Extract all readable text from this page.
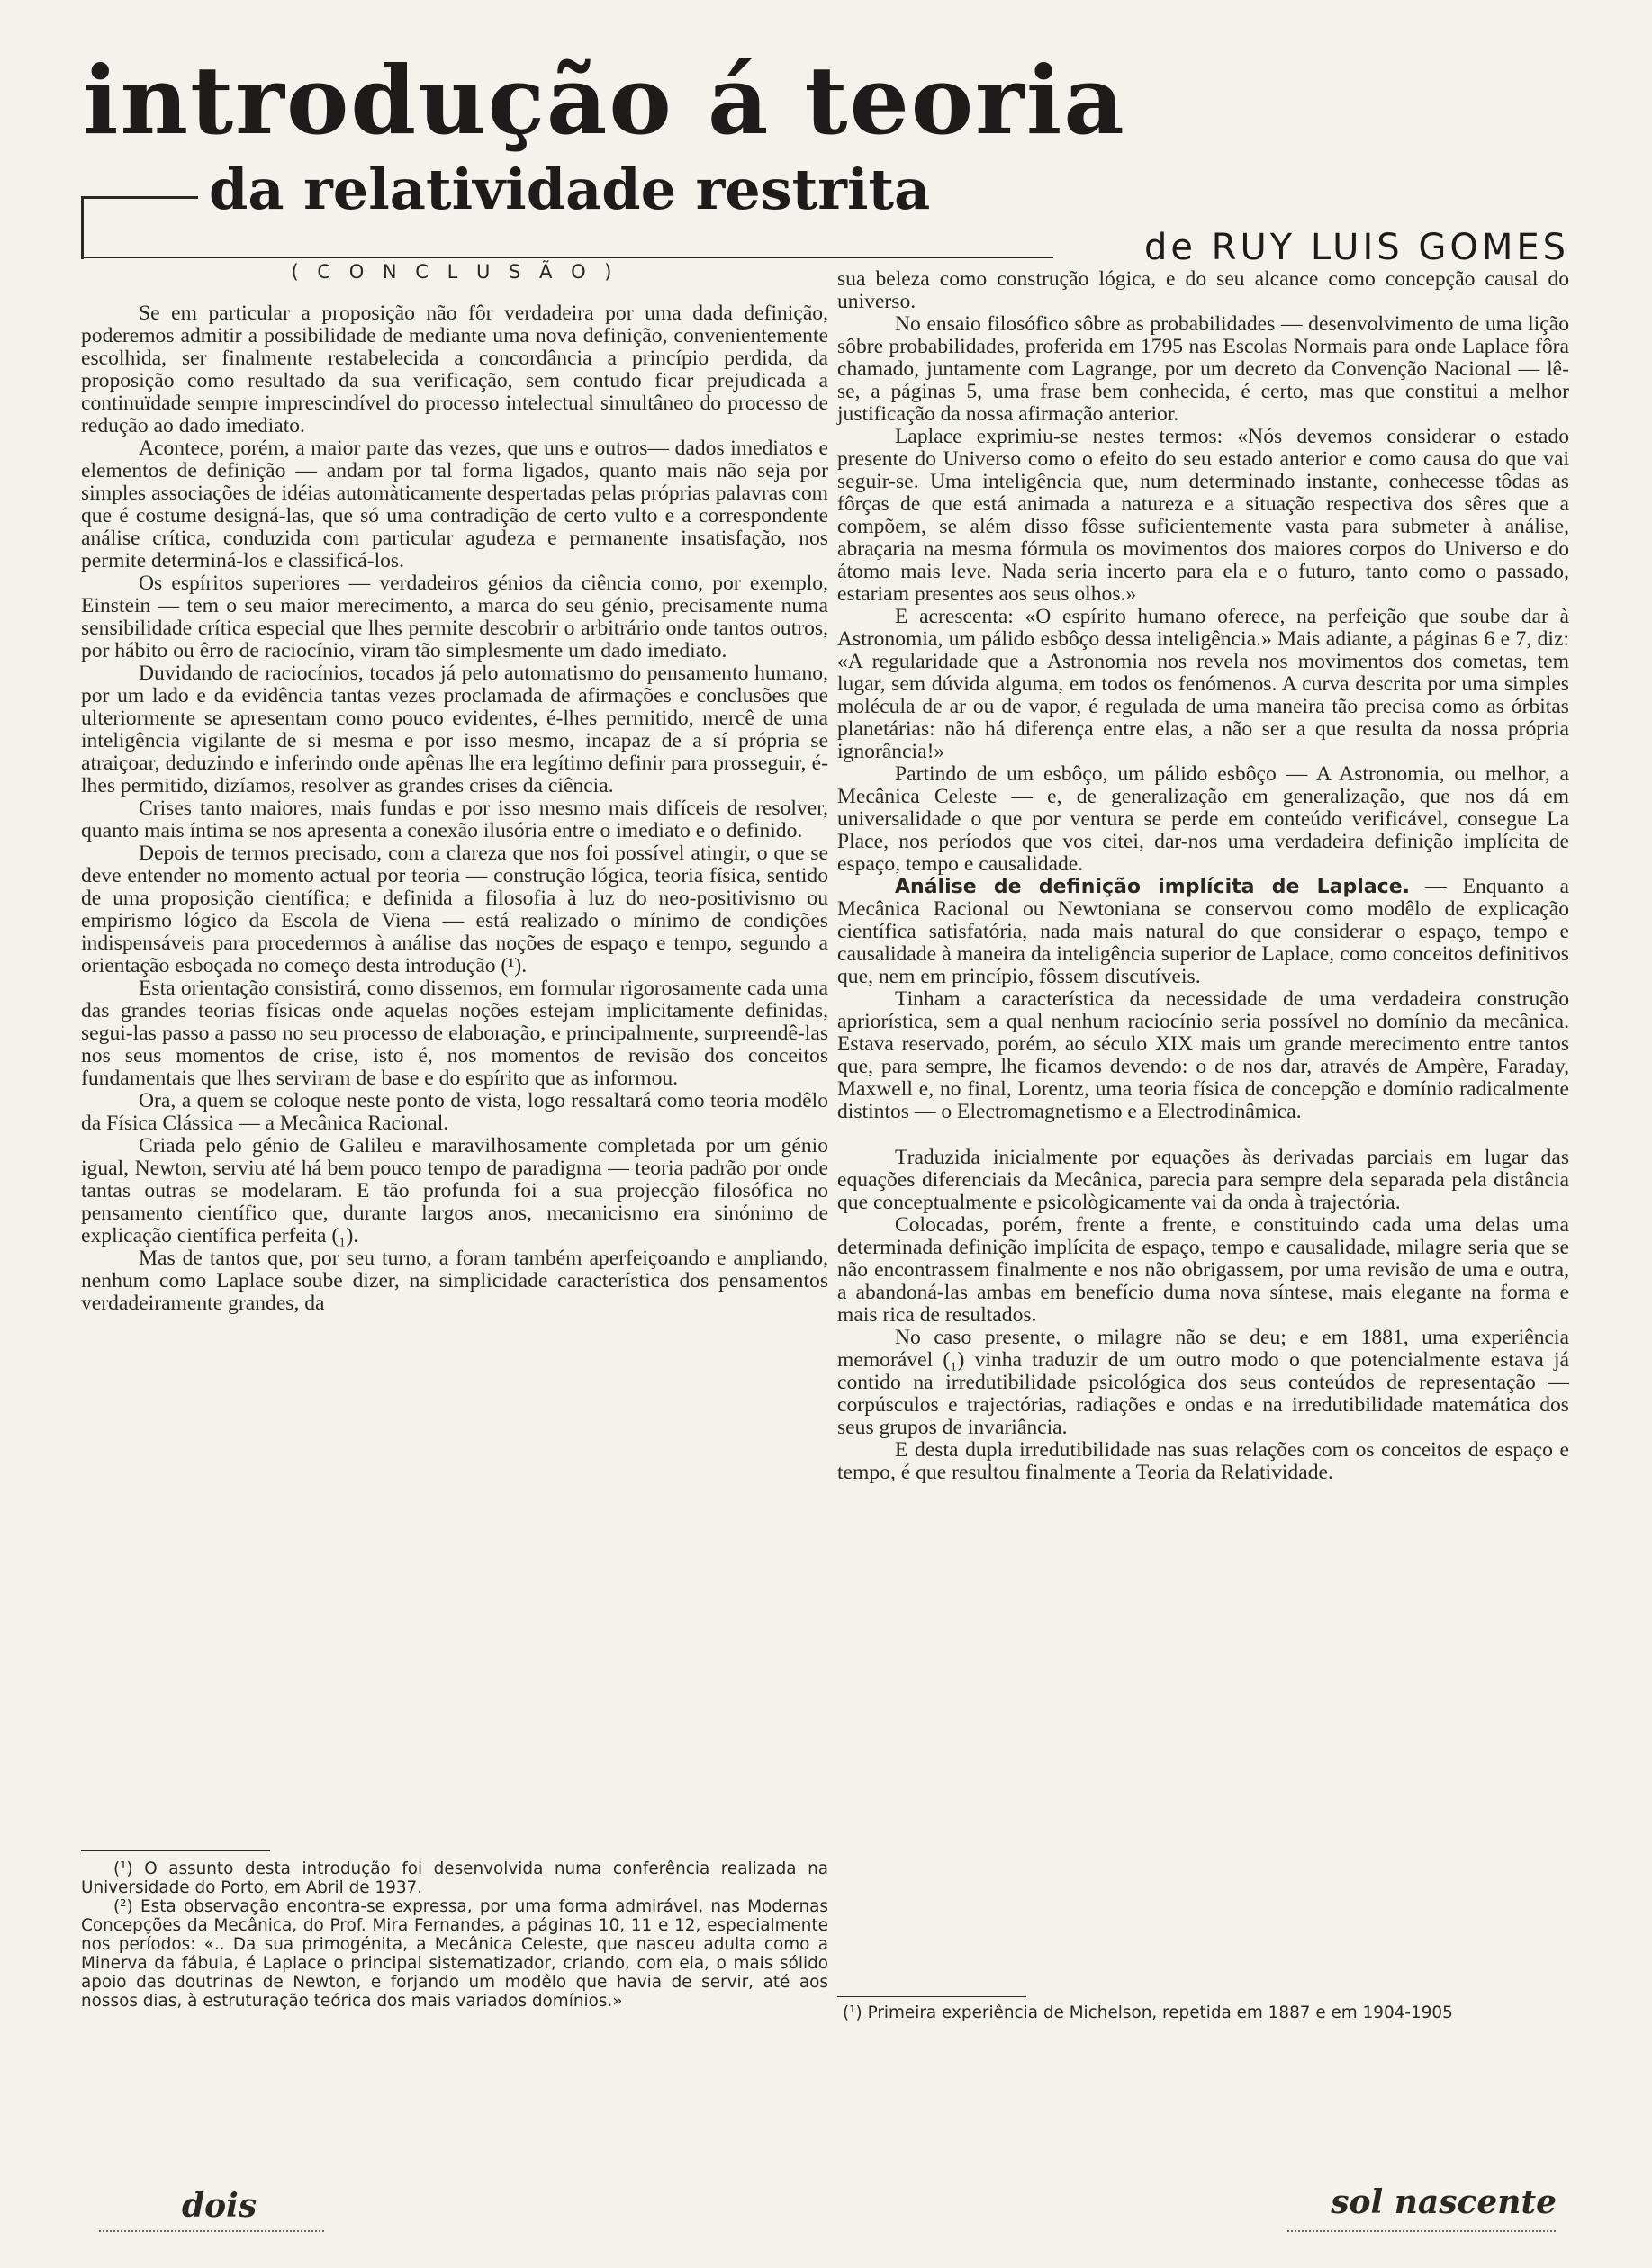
introdução á teoria
da relatividade restrita
de RUY LUIS GOMES
( C O N C L U S Ã O )

Se em particular a proposição não fôr verdadeira por uma dada definição, poderemos admitir a possibilidade de mediante uma nova definição, convenientemente escolhida, ser finalmente restabelecida a concordância a princípio perdida, da proposição como resultado da sua verificação, sem contudo ficar prejudicada a continuïdade sempre imprescindível do processo intelectual simultâneo do processo de redução ao dado imediato.

Acontece, porém, a maior parte das vezes, que uns e outros— dados imediatos e elementos de definição — andam por tal forma ligados, quanto mais não seja por simples associações de idéias automàticamente despertadas pelas próprias palavras com que é costume designá-las, que só uma contradição de certo vulto e a correspondente análise crítica, conduzida com particular agudeza e permanente insatisfação, nos permite determiná-los e classificá-los.

Os espíritos superiores — verdadeiros génios da ciência como, por exemplo, Einstein — tem o seu maior merecimento, a marca do seu génio, precisamente numa sensibilidade crítica especial que lhes permite descobrir o arbitrário onde tantos outros, por hábito ou êrro de raciocínio, viram tão simplesmente um dado imediato.

Duvidando de raciocínios, tocados já pelo automatismo do pensamento humano, por um lado e da evidência tantas vezes proclamada de afirmações e conclusões que ulteriormente se apresentam como pouco evidentes, é-lhes permitido, mercê de uma inteligência vigilante de si mesma e por isso mesmo, incapaz de a sí própria se atraiçoar, deduzindo e inferindo onde apênas lhe era legítimo definir para prosseguir, é-lhes permitido, dizíamos, resolver as grandes crises da ciência.

Crises tanto maiores, mais fundas e por isso mesmo mais difíceis de resolver, quanto mais íntima se nos apresenta a conexão ilusória entre o imediato e o definido.

Depois de termos precisado, com a clareza que nos foi possível atingir, o que se deve entender no momento actual por teoria — construção lógica, teoria física, sentido de uma proposição científica; e definida a filosofia à luz do neo-positivismo ou empirismo lógico da Escola de Viena — está realizado o mínimo de condições indispensáveis para procedermos à análise das noções de espaço e tempo, segundo a orientação esboçada no começo desta introdução (¹).

Esta orientação consistirá, como dissemos, em formular rigorosamente cada uma das grandes teorias físicas onde aquelas noções estejam implicitamente definidas, segui-las passo a passo no seu processo de elaboração, e principalmente, surpreendê-las nos seus momentos de crise, isto é, nos momentos de revisão dos conceitos fundamentais que lhes serviram de base e do espírito que as informou.

Ora, a quem se coloque neste ponto de vista, logo ressaltará como teoria modêlo da Física Clássica — a Mecânica Racional.

Criada pelo génio de Galileu e maravilhosamente completada por um génio igual, Newton, serviu até há bem pouco tempo de paradigma — teoria padrão por onde tantas outras se modelaram. E tão profunda foi a sua projecção filosófica no pensamento científico que, durante largos anos, mecanicismo era sinónimo de explicação científica perfeita (₁).

Mas de tantos que, por seu turno, a foram também aperfeiçoando e ampliando, nenhum como Laplace soube dizer, na simplicidade característica dos pensamentos verdadeiramente grandes, da

(¹) O assunto desta introdução foi desenvolvida numa conferência realizada na Universidade do Porto, em Abril de 1937.

(²) Esta observação encontra-se expressa, por uma forma admirável, nas Modernas Concepções da Mecânica, do Prof. Mira Fernandes, a páginas 10, 11 e 12, especialmente nos períodos: «.. Da sua primogénita, a Mecânica Celeste, que nasceu adulta como a Minerva da fábula, é Laplace o principal sistematizador, criando, com ela, o mais sólido apoio das doutrinas de Newton, e forjando um modêlo que havia de servir, até aos nossos dias, à estruturação teórica dos mais variados domínios.»

sua beleza como construção lógica, e do seu alcance como concepção causal do universo.

No ensaio filosófico sôbre as probabilidades — desenvolvimento de uma lição sôbre probabilidades, proferida em 1795 nas Escolas Normais para onde Laplace fôra chamado, juntamente com Lagrange, por um decreto da Convenção Nacional — lê-se, a páginas 5, uma frase bem conhecida, é certo, mas que constitui a melhor justificação da nossa afirmação anterior.

Laplace exprimiu-se nestes termos: «Nós devemos considerar o estado presente do Universo como o efeito do seu estado anterior e como causa do que vai seguir-se. Uma inteligência que, num determinado instante, conhecesse tôdas as fôrças de que está animada a natureza e a situação respectiva dos sêres que a compõem, se além disso fôsse suficientemente vasta para submeter à análise, abraçaria na mesma fórmula os movimentos dos maiores corpos do Universo e do átomo mais leve. Nada seria incerto para ela e o futuro, tanto como o passado, estariam presentes aos seus olhos.»

E acrescenta: «O espírito humano oferece, na perfeição que soube dar à Astronomia, um pálido esbôço dessa inteligência.» Mais adiante, a páginas 6 e 7, diz: «A regularidade que a Astronomia nos revela nos movimentos dos cometas, tem lugar, sem dúvida alguma, em todos os fenómenos. A curva descrita por uma simples molécula de ar ou de vapor, é regulada de uma maneira tão precisa como as órbitas planetárias: não há diferença entre elas, a não ser a que resulta da nossa própria ignorância!»

Partindo de um esbôço, um pálido esbôço — A Astronomia, ou melhor, a Mecânica Celeste — e, de generalização em generalização, que nos dá em universalidade o que por ventura se perde em conteúdo verificável, consegue La Place, nos períodos que vos citei, dar-nos uma verdadeira definição implícita de espaço, tempo e causalidade.

Análise de definição implícita de Laplace. — Enquanto a Mecânica Racional ou Newtoniana se conservou como modêlo de explicação científica satisfatória, nada mais natural do que considerar o espaço, tempo e causalidade à maneira da inteligência superior de Laplace, como conceitos definitivos que, nem em princípio, fôssem discutíveis.

Tinham a característica da necessidade de uma verdadeira construção apriorística, sem a qual nenhum raciocínio seria possível no domínio da mecânica. Estava reservado, porém, ao século XIX mais um grande merecimento entre tantos que, para sempre, lhe ficamos devendo: o de nos dar, através de Ampère, Faraday, Maxwell e, no final, Lorentz, uma teoria física de concepção e domínio radicalmente distintos — o Electromagnetismo e a Electrodinâmica.

Traduzida inicialmente por equações às derivadas parciais em lugar das equações diferenciais da Mecânica, parecia para sempre dela separada pela distância que conceptualmente e psicològicamente vai da onda à trajectória.

Colocadas, porém, frente a frente, e constituindo cada uma delas uma determinada definição implícita de espaço, tempo e causalidade, milagre seria que se não encontrassem finalmente e nos não obrigassem, por uma revisão de uma e outra, a abandoná-las ambas em benefício duma nova síntese, mais elegante na forma e mais rica de resultados.

No caso presente, o milagre não se deu; e em 1881, uma experiência memorável (₁) vinha traduzir de um outro modo o que potencialmente estava já contido na irredutibilidade psicológica dos seus conteúdos de representação — corpúsculos e trajectórias, radiações e ondas e na irredutibilidade matemática dos seus grupos de invariância.

E desta dupla irredutibilidade nas suas relações com os conceitos de espaço e tempo, é que resultou finalmente a Teoria da Relatividade.

(¹) Primeira experiência de Michelson, repetida em 1887 e em 1904-1905

dois	sol nascente
